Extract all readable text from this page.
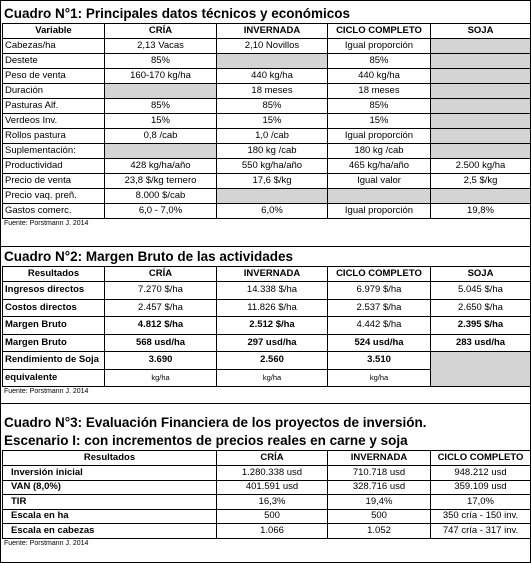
Cuadro N°1: Principales datos técnicos y económicos
Variable	CRÍA	INVERNADA	CICLO COMPLETO	SOJA
Cabezas/ha	2,13 Vacas	2,10 Novillos	Igual proporción	
Destete	85%		85%	
Peso de venta	160-170 kg/ha	440 kg/ha	440 kg/ha	
Duración		18 meses	18 meses	
Pasturas Alf.	85%	85%	85%	
Verdeos Inv.	15%	15%	15%	
Rollos pastura	0,8 /cab	1,0 /cab	Igual proporción	
Suplementación:		180 kg /cab	180 kg /cab	
Productividad	428 kg/ha/año	550 kg/ha/año	465 kg/ha/año	2.500 kg/ha
Precio de venta	23,8 $/kg ternero	17,6 $/kg	Igual valor	2,5 $/kg
Precio vaq. preñ.	8.000 $/cab			
Gastos comerc.	6,0 - 7,0%	6,0%	Igual proporción	19,8%
Fuente: Porstmann J. 2014
Cuadro N°2: Margen Bruto de las actividades
Resultados	CRÍA	INVERNADA	CICLO COMPLETO	SOJA
Ingresos directos	7.270 $/ha	14.338 $/ha	6.979 $/ha	5.045 $/ha
Costos directos	2.457 $/ha	11.826 $/ha	2.537 $/ha	2.650 $/ha
Margen Bruto	4.812 $/ha	2.512 $/ha	4.442 $/ha	2.395 $/ha
Margen Bruto	568 usd/ha	297 usd/ha	524 usd/ha	283 usd/ha
Rendimiento de Soja	3.690	2.560	3.510	
equivalente	kg/ha	kg/ha	kg/ha	
Fuente: Porstmann J. 2014
Cuadro N°3: Evaluación Financiera de los proyectos de inversión.
Escenario I: con incrementos de precios reales en carne y soja
Resultados	CRÍA	INVERNADA	CICLO COMPLETO
Inversión inicial	1.280.338 usd	710.718 usd	948.212 usd
VAN (8,0%)	401.591 usd	328.716 usd	359.109 usd
TIR	16,3%	19,4%	17,0%
Escala en ha	500	500	350 cría - 150 inv.
Escala en cabezas	1.066	1.052	747 cría - 317 inv.
Fuente: Porstmann J. 2014
